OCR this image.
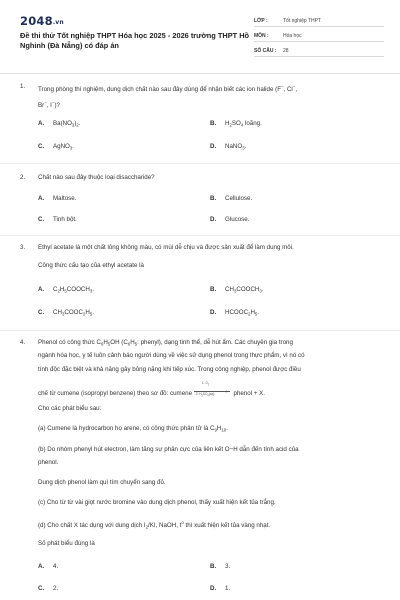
2048.vn
Đề thi thử Tốt nghiệp THPT Hóa học 2025 - 2026 trường THPT Hồ Nghinh (Đà Nẵng) có đáp án
LỚP :	Tốt nghiệp THPT
MÔN :	Hóa học
SỐ CÂU :	28
1. Trong phòng thí nghiệm, dung dịch chất nào sau đây dùng để nhận biết các ion halide (F−, Cl−,
Br−, I−)?
A. $Ba(NO_3)_2$.	B. $H_2SO_4$ loãng.
C. AgNO$_3$.	D. NaNO$_3$.
2. Chất nào sau đây thuộc loại disaccharide?
A. Maltose.	B. Cellulose.
C. Tinh bột.	D. Glucose.
3. Ethyl acetate là một chất lỏng không màu, có mùi dễ chịu và được sản xuất để làm dung môi.
Công thức cấu tạo của ethyl acetate là
A. $C_2H_5COOCH_3$.	B. $CH_3COOCH_3$.
C. $CH_3COOC_2H_5$.	D. $HCOOC_2H_5$.
4. Phenol có công thức $C_6H_5OH$ ($C_6H_5$: phenyl), dạng tinh thể, dễ hút ẩm. Các chuyên gia trong
ngành hóa học, y tế luôn cảnh báo người dùng về việc sử dụng phenol trong thực phẩm, vì nó có
tính độc đặc biệt và khả năng gây bỏng nặng khi tiếp xúc. Trong công nghiệp, phenol được điều
chế từ cumene (isopropyl benzene) theo sơ đồ: cumene
1. $O_2$
›
2. $H_2SO_4(aq)$	phenol + X.
Cho các phát biểu sau:
(a) Cumene là hydrocarbon họ arene, có công thức phân tử là $C_9H_{10}$.
(b) Do nhóm phenyl hút electron, làm tăng sự phân cực của liên kết O−H dẫn đến tính acid của
phenol.
Dung dịch phenol làm quì tím chuyển sang đỏ.
(c) Cho từ từ vài giọt nước bromine vào dung dịch phenol, thấy xuất hiện kết tủa trắng.
(d) Cho chất X tác dụng với dung dịch $I_2/KI$, NaOH, $t^o$ thì xuất hiện kết tủa vàng nhạt.
Số phát biểu đúng là
A. 4.	B. 3.
C. 2.	D. 1.
